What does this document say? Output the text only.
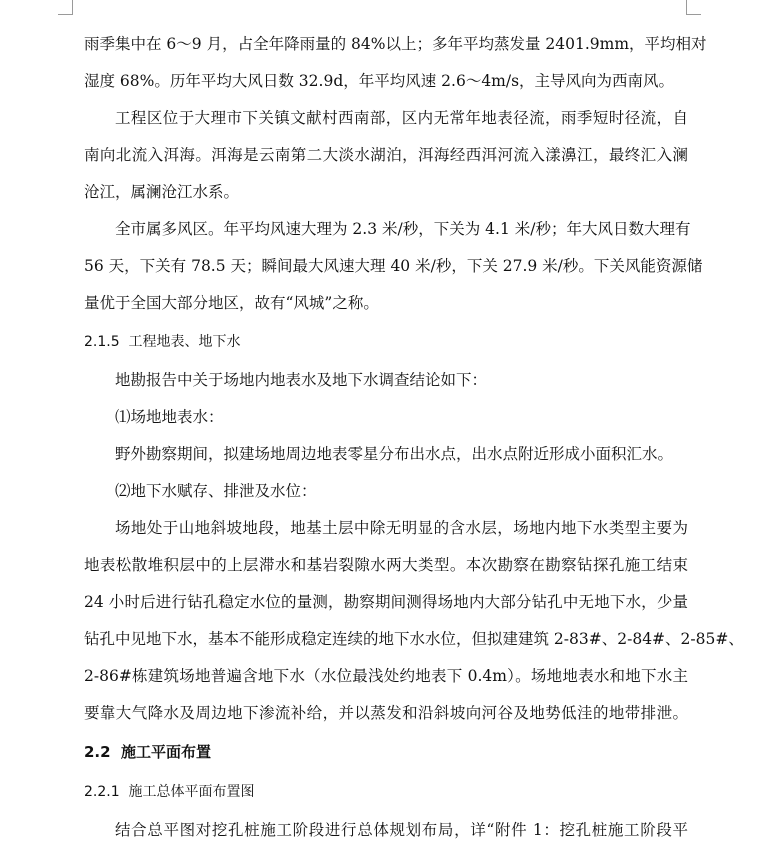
雨季集中在 6～9 月，占全年降雨量的 84%以上；多年平均蒸发量 2401.9mm，平均相对

湿度 68%。历年平均大风日数 32.9d，年平均风速 2.6～4m/s，主导风向为西南风。

工程区位于大理市下关镇文献村西南部，区内无常年地表径流，雨季短时径流，自

南向北流入洱海。洱海是云南第二大淡水湖泊，洱海经西洱河流入漾濞江，最终汇入澜

沧江，属澜沧江水系。

全市属多风区。年平均风速大理为 2.3 米/秒，下关为 4.1 米/秒；年大风日数大理有

56 天，下关有 78.5 天；瞬间最大风速大理 40 米/秒，下关 27.9 米/秒。下关风能资源储

量优于全国大部分地区，故有“风城”之称。

2.1.5 工程地表、地下水

地勘报告中关于场地内地表水及地下水调查结论如下：

⑴场地地表水：

野外勘察期间，拟建场地周边地表零星分布出水点，出水点附近形成小面积汇水。

⑵地下水赋存、排泄及水位：

场地处于山地斜坡地段，地基土层中除无明显的含水层，场地内地下水类型主要为

地表松散堆积层中的上层滞水和基岩裂隙水两大类型。本次勘察在勘察钻探孔施工结束

24 小时后进行钻孔稳定水位的量测，勘察期间测得场地内大部分钻孔中无地下水，少量

钻孔中见地下水，基本不能形成稳定连续的地下水水位，但拟建建筑 2-83#、2-84#、2-85#、

2-86#栋建筑场地普遍含地下水（水位最浅处约地表下 0.4m）。场地地表水和地下水主

要靠大气降水及周边地下渗流补给，并以蒸发和沿斜坡向河谷及地势低洼的地带排泄。

2.2 施工平面布置

2.2.1 施工总体平面布置图

结合总平图对挖孔桩施工阶段进行总体规划布局，详“附件 1：挖孔桩施工阶段平
